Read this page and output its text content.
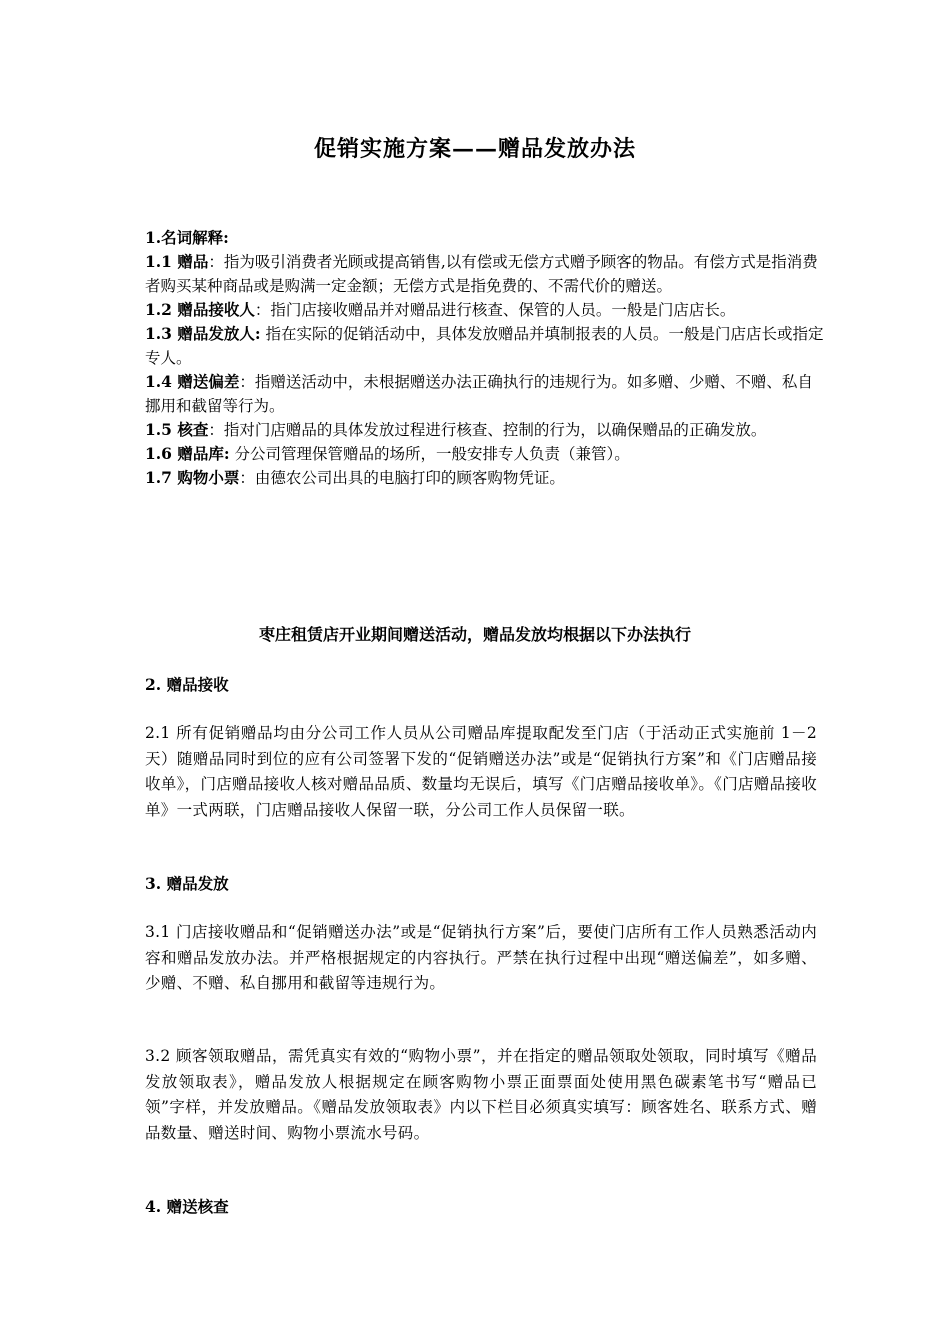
促销实施方案——赠品发放办法

1.名词解释:

1.1 赠品：指为吸引消费者光顾或提高销售,以有偿或无偿方式赠予顾客的物品。有偿方式是指消费者购买某种商品或是购满一定金额；无偿方式是指免费的、不需代价的赠送。

1.2 赠品接收人：指门店接收赠品并对赠品进行核查、保管的人员。一般是门店店长。

1.3 赠品发放人: 指在实际的促销活动中，具体发放赠品并填制报表的人员。一般是门店店长或指定专人。

1.4 赠送偏差：指赠送活动中，未根据赠送办法正确执行的违规行为。如多赠、少赠、不赠、私自挪用和截留等行为。

1.5 核查：指对门店赠品的具体发放过程进行核查、控制的行为，以确保赠品的正确发放。

1.6 赠品库: 分公司管理保管赠品的场所，一般安排专人负责（兼管）。

1.7 购物小票：由德农公司出具的电脑打印的顾客购物凭证。

枣庄租赁店开业期间赠送活动，赠品发放均根据以下办法执行
2. 赠品接收
2.1 所有促销赠品均由分公司工作人员从公司赠品库提取配发至门店（于活动正式实施前 1－2 天）随赠品同时到位的应有公司签署下发的“促销赠送办法”或是“促销执行方案”和《门店赠品接收单》，门店赠品接收人核对赠品品质、数量均无误后，填写《门店赠品接收单》。《门店赠品接收单》一式两联，门店赠品接收人保留一联，分公司工作人员保留一联。
3. 赠品发放
3.1 门店接收赠品和“促销赠送办法”或是“促销执行方案”后，要使门店所有工作人员熟悉活动内容和赠品发放办法。并严格根据规定的内容执行。严禁在执行过程中出现“赠送偏差”，如多赠、少赠、不赠、私自挪用和截留等违规行为。
3.2 顾客领取赠品，需凭真实有效的“购物小票”，并在指定的赠品领取处领取，同时填写《赠品发放领取表》，赠品发放人根据规定在顾客购物小票正面票面处使用黑色碳素笔书写“赠品已领”字样，并发放赠品。《赠品发放领取表》内以下栏目必须真实填写：顾客姓名、联系方式、赠品数量、赠送时间、购物小票流水号码。
4. 赠送核查
